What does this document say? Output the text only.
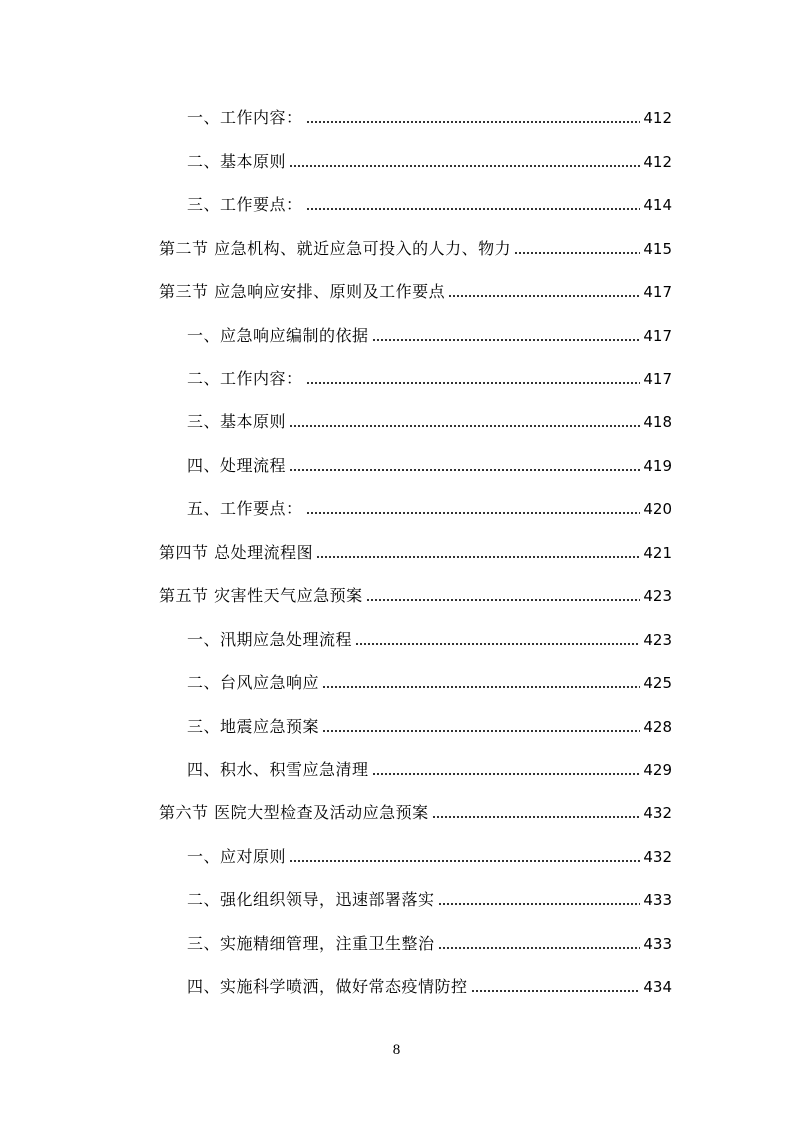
一、工作内容：	412
二、基本原则	412
三、工作要点：	414
第二节 应急机构、就近应急可投入的人力、物力	415
第三节 应急响应安排、原则及工作要点	417
一、应急响应编制的依据	417
二、工作内容：	417
三、基本原则	418
四、处理流程	419
五、工作要点：	420
第四节 总处理流程图	421
第五节 灾害性天气应急预案	423
一、汛期应急处理流程	423
二、台风应急响应	425
三、地震应急预案	428
四、积水、积雪应急清理	429
第六节 医院大型检查及活动应急预案	432
一、应对原则	432
二、强化组织领导，迅速部署落实	433
三、实施精细管理，注重卫生整治	433
四、实施科学喷洒，做好常态疫情防控	434
8
